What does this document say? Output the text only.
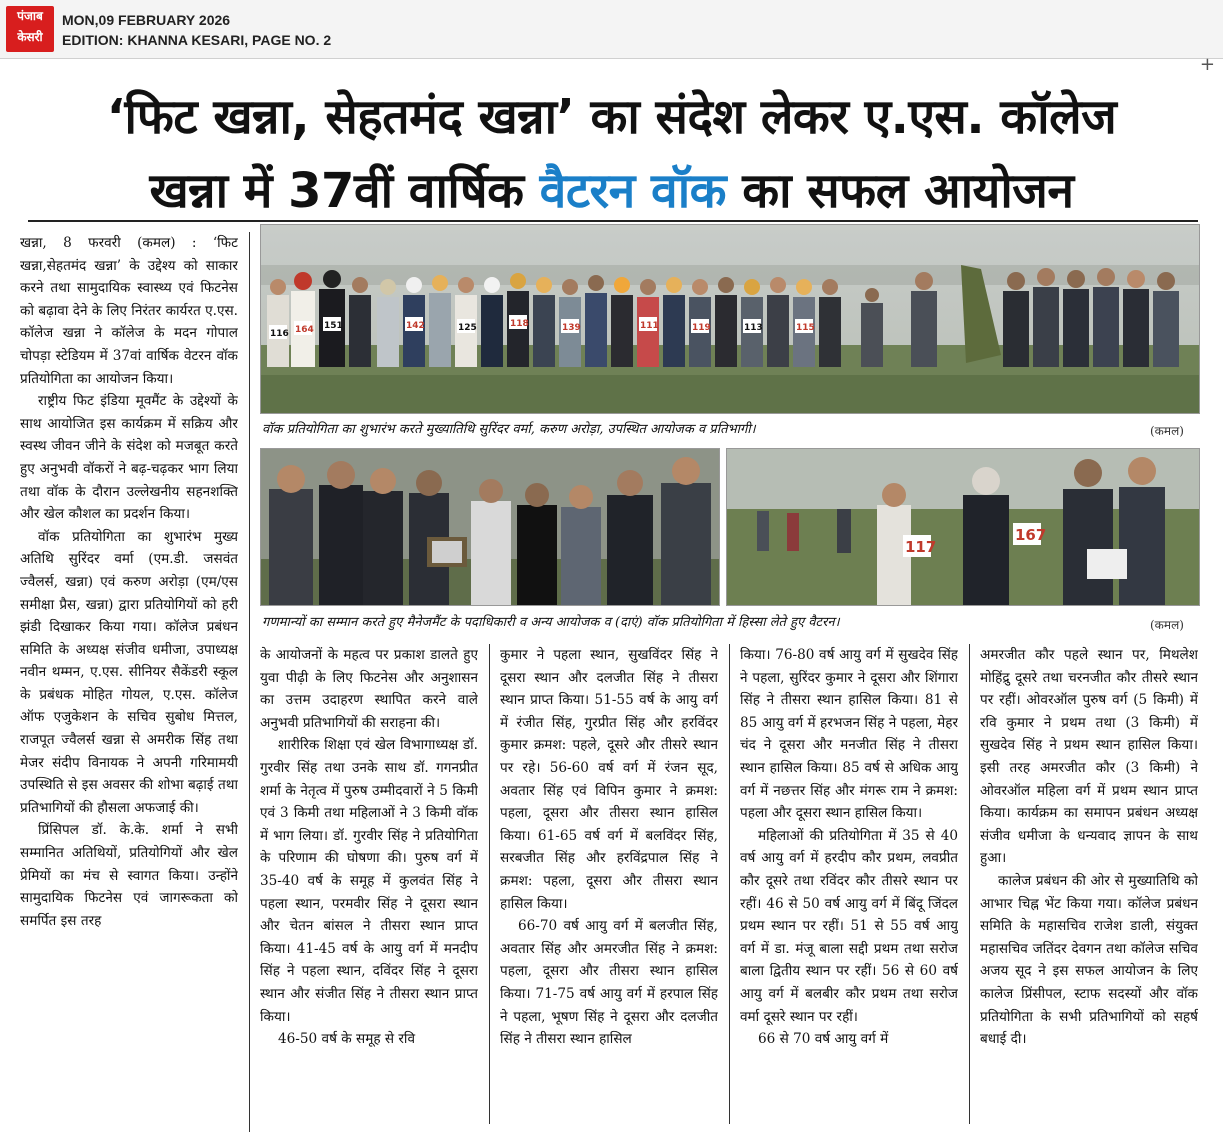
पंजाब
केसरी
MON,09 FEBRUARY 2026
EDITION: KHANNA KESARI, PAGE NO. 2
+
‘फिट खन्ना, सेहतमंद खन्ना’ का संदेश लेकर ए.एस. कॉलेज
खन्ना में 37वीं वार्षिक वैटरन वॉक का सफल आयोजन
116 164 151	142	125	118	139	111	119	113	115
वॉक प्रतियोगिता का शुभारंभ करते मुख्यातिथि सुरिंदर वर्मा, करुण अरोड़ा, उपस्थित आयोजक व प्रतिभागी।	(कमल)
117
167
गणमान्यों का सम्मान करते हुए मैनेजमैंट के पदाधिकारी व अन्य आयोजक व (दाएं) वॉक प्रतियोगिता में हिस्सा लेते हुए वैटरन।	(कमल)

खन्ना, 8 फरवरी (कमल) : ‘फिट खन्ना,सेहतमंद खन्ना’ के उद्देश्य को साकार करने तथा सामुदायिक स्वास्थ्य एवं फिटनेस को बढ़ावा देने के लिए निरंतर कार्यरत ए.एस. कॉलेज खन्ना ने कॉलेज के मदन गोपाल चोपड़ा स्टेडियम में 37वां वार्षिक वेटरन वॉक प्रतियोगिता का आयोजन किया।

राष्ट्रीय फिट इंडिया मूवमैंट के उद्देश्यों के साथ आयोजित इस कार्यक्रम में सक्रिय और स्वस्थ जीवन जीने के संदेश को मजबूत करते हुए अनुभवी वॉकरों ने बढ़-चढ़कर भाग लिया तथा वॉक के दौरान उल्लेखनीय सहनशक्ति और खेल कौशल का प्रदर्शन किया।

वॉक प्रतियोगिता का शुभारंभ मुख्य अतिथि सुरिंदर वर्मा (एम.डी. जसवंत ज्वैलर्स, खन्ना) एवं करुण अरोड़ा (एम/एस समीक्षा प्रैस, खन्ना) द्वारा प्रतियोगियों को हरी झंडी दिखाकर किया गया। कॉलेज प्रबंधन समिति के अध्यक्ष संजीव धमीजा, उपाध्यक्ष नवीन थम्मन, ए.एस. सीनियर सैकेंडरी स्कूल के प्रबंधक मोहित गोयल, ए.एस. कॉलेज ऑफ एजुकेशन के सचिव सुबोध मित्तल, राजपूत ज्वैलर्स खन्ना से अमरीक सिंह तथा मेजर संदीप विनायक ने अपनी गरिमामयी उपस्थिति से इस अवसर की शोभा बढ़ाई तथा प्रतिभागियों की हौसला अफजाई की।

प्रिंसिपल डॉ. के.के. शर्मा ने सभी सम्मानित अतिथियों, प्रतियोगियों और खेल प्रेमियों का मंच से स्वागत किया। उन्होंने सामुदायिक फिटनेस एवं जागरूकता को समर्पित इस तरह

के आयोजनों के महत्व पर प्रकाश डालते हुए युवा पीढ़ी के लिए फिटनेस और अनुशासन का उत्तम उदाहरण स्थापित करने वाले अनुभवी प्रतिभागियों की सराहना की।

शारीरिक शिक्षा एवं खेल विभागाध्यक्ष डॉ. गुरवीर सिंह तथा उनके साथ डॉ. गगनप्रीत शर्मा के नेतृत्व में पुरुष उम्मीदवारों ने 5 किमी एवं 3 किमी तथा महिलाओं ने 3 किमी वॉक में भाग लिया। डॉ. गुरवीर सिंह ने प्रतियोगिता के परिणाम की घोषणा की। पुरुष वर्ग में 35-40 वर्ष के समूह में कुलवंत सिंह ने पहला स्थान, परमवीर सिंह ने दूसरा स्थान और चेतन बांसल ने तीसरा स्थान प्राप्त किया। 41-45 वर्ष के आयु वर्ग में मनदीप सिंह ने पहला स्थान, दविंदर सिंह ने दूसरा स्थान और संजीत सिंह ने तीसरा स्थान प्राप्त किया।

46-50 वर्ष के समूह से रवि

कुमार ने पहला स्थान, सुखविंदर सिंह ने दूसरा स्थान और दलजीत सिंह ने तीसरा स्थान प्राप्त किया। 51-55 वर्ष के आयु वर्ग में रंजीत सिंह, गुरप्रीत सिंह और हरविंदर कुमार क्रमश: पहले, दूसरे और तीसरे स्थान पर रहे। 56-60 वर्ष वर्ग में रंजन सूद, अवतार सिंह एवं विपिन कुमार ने क्रमश: पहला, दूसरा और तीसरा स्थान हासिल किया। 61-65 वर्ष वर्ग में बलविंदर सिंह, सरबजीत सिंह और हरविंद्रपाल सिंह ने क्रमश: पहला, दूसरा और तीसरा स्थान हासिल किया।

66-70 वर्ष आयु वर्ग में बलजीत सिंह, अवतार सिंह और अमरजीत सिंह ने क्रमश: पहला, दूसरा और तीसरा स्थान हासिल किया। 71-75 वर्ष आयु वर्ग में हरपाल सिंह ने पहला, भूषण सिंह ने दूसरा और दलजीत सिंह ने तीसरा स्थान हासिल

किया। 76-80 वर्ष आयु वर्ग में सुखदेव सिंह ने पहला, सुरिंदर कुमार ने दूसरा और शिंगारा सिंह ने तीसरा स्थान हासिल किया। 81 से 85 आयु वर्ग में हरभजन सिंह ने पहला, मेहर चंद ने दूसरा और मनजीत सिंह ने तीसरा स्थान हासिल किया। 85 वर्ष से अधिक आयु वर्ग में नछत्तर सिंह और मंगरू राम ने क्रमश: पहला और दूसरा स्थान हासिल किया।

महिलाओं की प्रतियोगिता में 35 से 40 वर्ष आयु वर्ग में हरदीप कौर प्रथम, लवप्रीत कौर दूसरे तथा रविंदर कौर तीसरे स्थान पर रहीं। 46 से 50 वर्ष आयु वर्ग में बिंदू जिंदल प्रथम स्थान पर रहीं। 51 से 55 वर्ष आयु वर्ग में डा. मंजू बाला सद्दी प्रथम तथा सरोज बाला द्वितीय स्थान पर रहीं। 56 से 60 वर्ष आयु वर्ग में बलबीर कौर प्रथम तथा सरोज वर्मा दूसरे स्थान पर रहीं।

66 से 70 वर्ष आयु वर्ग में

अमरजीत कौर पहले स्थान पर, मिथलेश मोहिंद्रु दूसरे तथा चरनजीत कौर तीसरे स्थान पर रहीं। ओवरऑल पुरुष वर्ग (5 किमी) में रवि कुमार ने प्रथम तथा (3 किमी) में सुखदेव सिंह ने प्रथम स्थान हासिल किया। इसी तरह अमरजीत कौर (3 किमी) ने ओवरऑल महिला वर्ग में प्रथम स्थान प्राप्त किया। कार्यक्रम का समापन प्रबंधन अध्यक्ष संजीव धमीजा के धन्यवाद ज्ञापन के साथ हुआ।

कालेज प्रबंधन की ओर से मुख्यातिथि को आभार चिह्न भेंट किया गया। कॉलेज प्रबंधन समिति के महासचिव राजेश डाली, संयुक्त महासचिव जतिंदर देवगन तथा कॉलेज सचिव अजय सूद ने इस सफल आयोजन के लिए कालेज प्रिंसीपल, स्टाफ सदस्यों और वॉक प्रतियोगिता के सभी प्रतिभागियों को सहर्ष बधाई दी।
